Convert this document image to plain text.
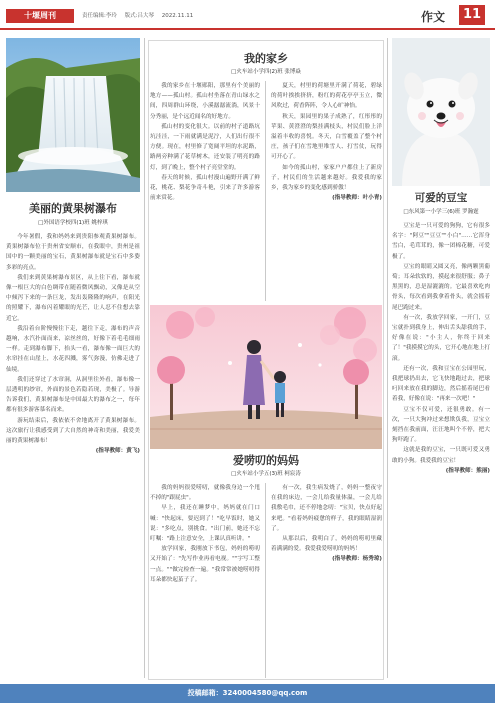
十堰周刊	责任编辑:李玲 版式:吕大琴 2022.11.11	作文	11
美丽的黄果树瀑布
□外国语学校四(1)班 姚梓琪

今年暑假，我和妈妈来到贵阳参观黄果树瀑布。黄果树瀑布位于贵州省安顺市，在我眼中，贵州是祖国中的一颗美丽的宝石，黄果树瀑布就是宝石中多姿多彩的亮点。

我们来到黄果树瀑布景区，从上往下看，瀑布就像一根巨大的白色绸带在随着微风飘动，又像是从空中倾泻下来的一条巨龙，发出轰隆隆的响声，在阳光的照耀下，瀑布闪着耀眼的光芒，让人忍不住想去靠近它。

我沿着台阶慢慢往下走，越往下走，瀑布的声音越响，水汽扑面而来，凉丝丝的，好像下着毛毛细雨一样。走到瀑布脚下，抬头一看，瀑布像一面巨大的水帘挂在山崖上，水花四溅，雾气弥漫，仿佛走进了仙境。

我们还穿过了水帘洞，从洞里往外看，瀑布像一层透明的纱帘，外面的景色若隐若现，美极了。导游告诉我们，黄果树瀑布是中国最大的瀑布之一，每年都有很多游客慕名而来。

游玩结束后，我依依不舍地离开了黄果树瀑布。这次旅行让我感受到了大自然的神奇和美丽，我爱美丽的黄果树瀑布！

(指导教师：黄飞)

我的家乡
□火车站小学四(2)班 张博焱

我的家乡在十堰郧阳，那里有个美丽的地方——孤山村。孤山村坐落在青山绿水之间，四周群山环绕，小溪潺潺流淌，风景十分秀丽，是个远近闻名的好地方。

孤山村的变化很大。以前的村子道路坑坑洼洼，一下雨就满是泥泞，人们出行很不方便。现在，村里修了宽阔平坦的水泥路，路两旁种满了花草树木，还安装了明亮的路灯，到了晚上，整个村子亮堂堂的。

春天的时候，孤山村漫山遍野开满了鲜花，桃花、梨花争奇斗艳，引来了许多游客前来赏花。

夏天，村里的荷塘里开满了荷花，碧绿的荷叶挨挨挤挤，粉红的荷花亭亭玉立，微风吹过，荷香阵阵，令人心旷神怡。

秋天，果园里的果子成熟了，红彤彤的苹果、黄澄澄的梨挂满枝头，村民们脸上洋溢着丰收的喜悦。冬天，白雪覆盖了整个村庄，孩子们在雪地里堆雪人、打雪仗，玩得可开心了。

如今的孤山村，家家户户都住上了新房子，村民们的生活越来越好。我爱我的家乡，我为家乡的变化感到骄傲！

(指导教师：叶小青)

爱唠叨的妈妈
□火车站小学五(3)班 柯宸涛

我的妈妈很爱唠叨，就像我身边一个甩不掉的"跟屁虫"。

早上，我还在睡梦中，妈妈就在门口喊："快起床，要迟到了！"吃早饭时，她又说："多吃点，别挑食。"出门前，她还不忘叮嘱："路上注意安全，上课认真听讲。"

放学回家，我刚放下书包，妈妈的唠叨又开始了："先写作业再看电视。""字写工整一点。""做完检查一遍。"我常常被她唠叨得耳朵都快起茧子了。

有一次，我生病发烧了，妈妈一整夜守在我的床边，一会儿给我量体温，一会儿给我敷毛巾，还不停地念叨："宝贝，快点好起来吧。"看着妈妈疲惫的样子，我的眼睛湿润了。

从那以后，我明白了，妈妈的唠叨里藏着满满的爱。我爱我爱唠叨的妈妈！

(指导教师：杨秀琼)

可爱的豆宝
□东风第一小学三(6)班 罗瀚霆

豆宝是一只可爱的狗狗，它有很多名字："阿豆""豆豆""小白"……它浑身雪白，毛茸茸的，像一团棉花糖，可爱极了。

豆宝的眼睛又圆又亮，像两颗黑葡萄；耳朵软软的，摸起来很舒服；鼻子黑黑的，总是湿漉漉的。它最喜欢吃肉骨头，每次看到我拿着骨头，就会摇着尾巴跑过来。

有一次，我放学回家，一开门，豆宝就扑到我身上，伸出舌头舔我的手，好像在说："小主人，你终于回来了！"我摸摸它的头，它开心地在地上打滚。

还有一次，我和豆宝在公园里玩，我把球扔出去，它飞快地跑过去，把球叼回来放在我的脚边，然后摇着尾巴看着我，好像在说："再来一次吧！"

豆宝不仅可爱，还很勇敢。有一次，一只大狗冲过来想欺负我，豆宝立刻挡在我前面，汪汪地叫个不停，把大狗吓跑了。

这就是我的豆宝，一只既可爱又勇敢的小狗。我爱我的豆宝！

(指导教师：熊丽)

投稿邮箱：3240004580@qq.com
